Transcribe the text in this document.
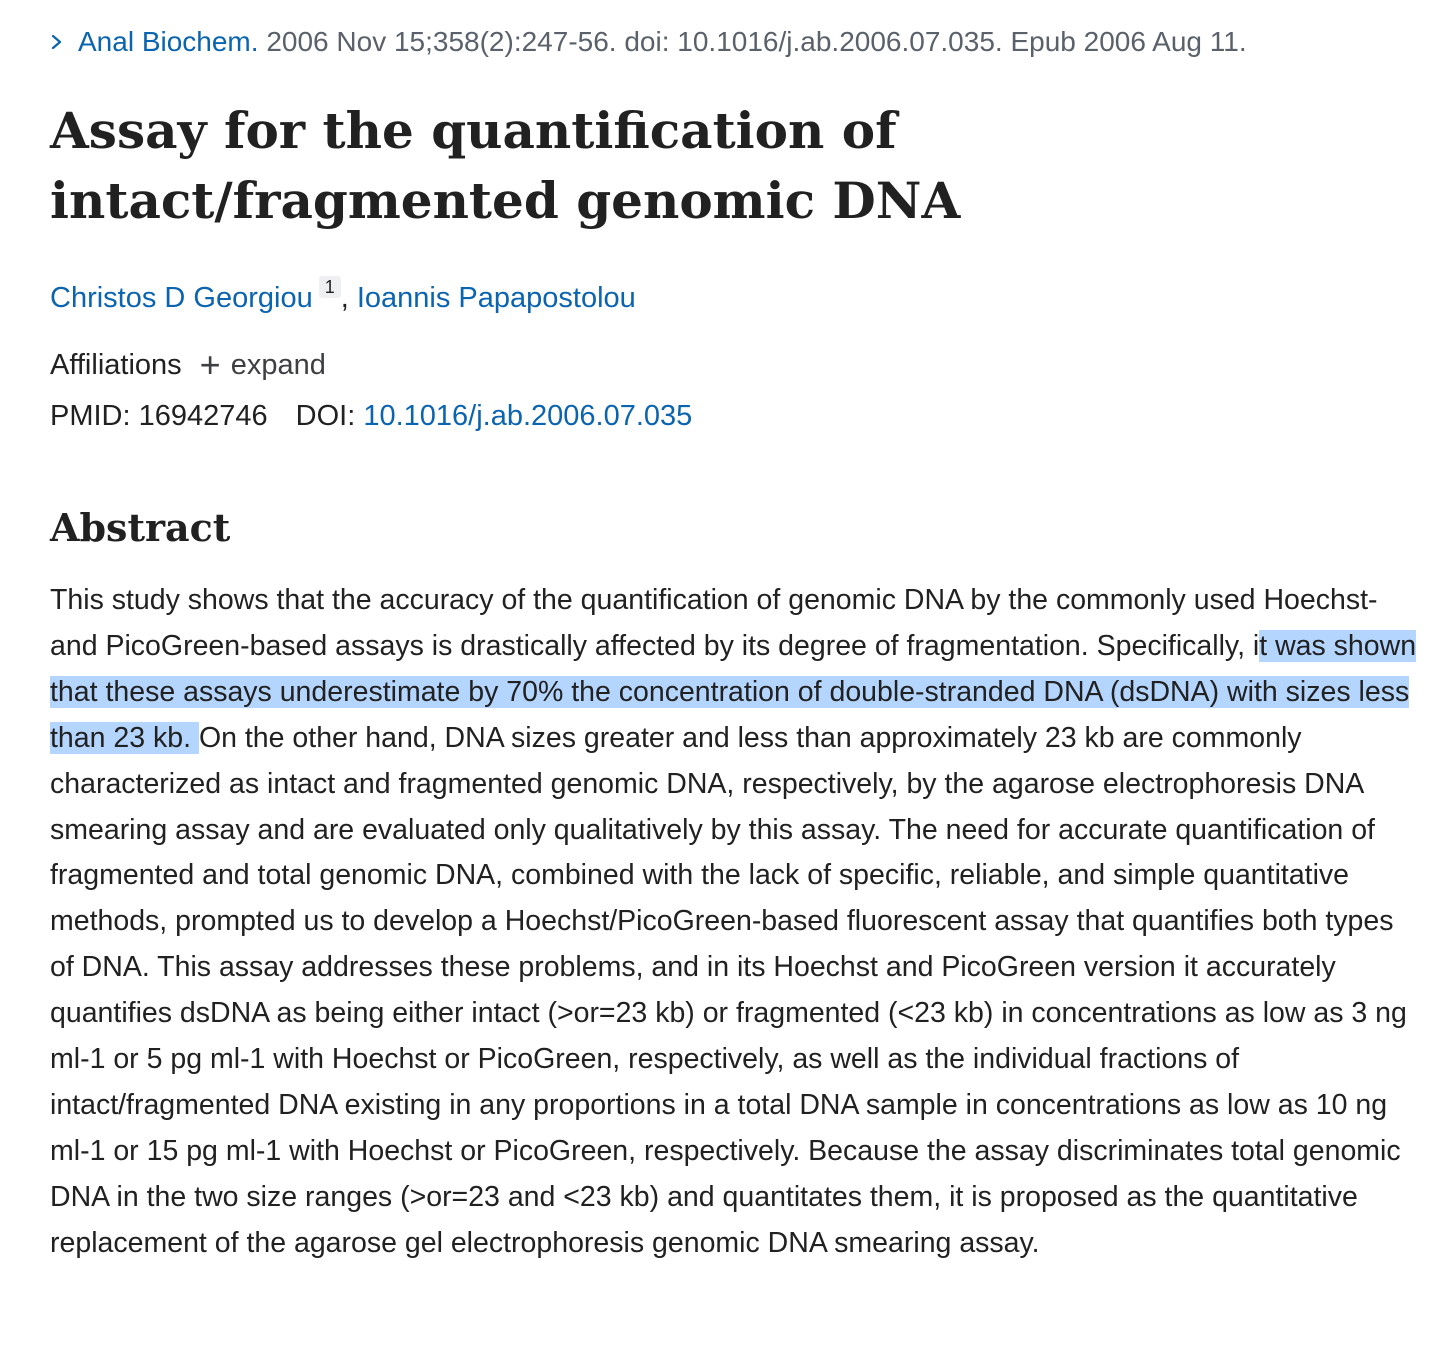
Anal Biochem. 2006 Nov 15;358(2):247-56. doi: 10.1016/j.ab.2006.07.035. Epub 2006 Aug 11.
Assay for the quantification of intact/fragmented genomic DNA
Christos D Georgiou $^1$ , Ioannis Papapostolou
Affiliations + expand
PMID: 16942746 DOI: 10.1016/j.ab.2006.07.035
Abstract

This study shows that the accuracy of the quantification of genomic DNA by the commonly used Hoechst- and PicoGreen-based assays is drastically affected by its degree of fragmentation. Specifically, it was shown that these assays underestimate by 70% the concentration of double-stranded DNA (dsDNA) with sizes less than 23 kb. On the other hand, DNA sizes greater and less than approximately 23 kb are commonly characterized as intact and fragmented genomic DNA, respectively, by the agarose electrophoresis DNA smearing assay and are evaluated only qualitatively by this assay. The need for accurate quantification of fragmented and total genomic DNA, combined with the lack of specific, reliable, and simple quantitative methods, prompted us to develop a Hoechst/PicoGreen-based fluorescent assay that quantifies both types of DNA. This assay addresses these problems, and in its Hoechst and PicoGreen version it accurately quantifies dsDNA as being either intact (>or=23 kb) or fragmented (<23 kb) in concentrations as low as 3 ng ml-1 or 5 pg ml-1 with Hoechst or PicoGreen, respectively, as well as the individual fractions of intact/fragmented DNA existing in any proportions in a total DNA sample in concentrations as low as 10 ng ml-1 or 15 pg ml-1 with Hoechst or PicoGreen, respectively. Because the assay discriminates total genomic DNA in the two size ranges (>or=23 and <23 kb) and quantitates them, it is proposed as the quantitative replacement of the agarose gel electrophoresis genomic DNA smearing assay.
